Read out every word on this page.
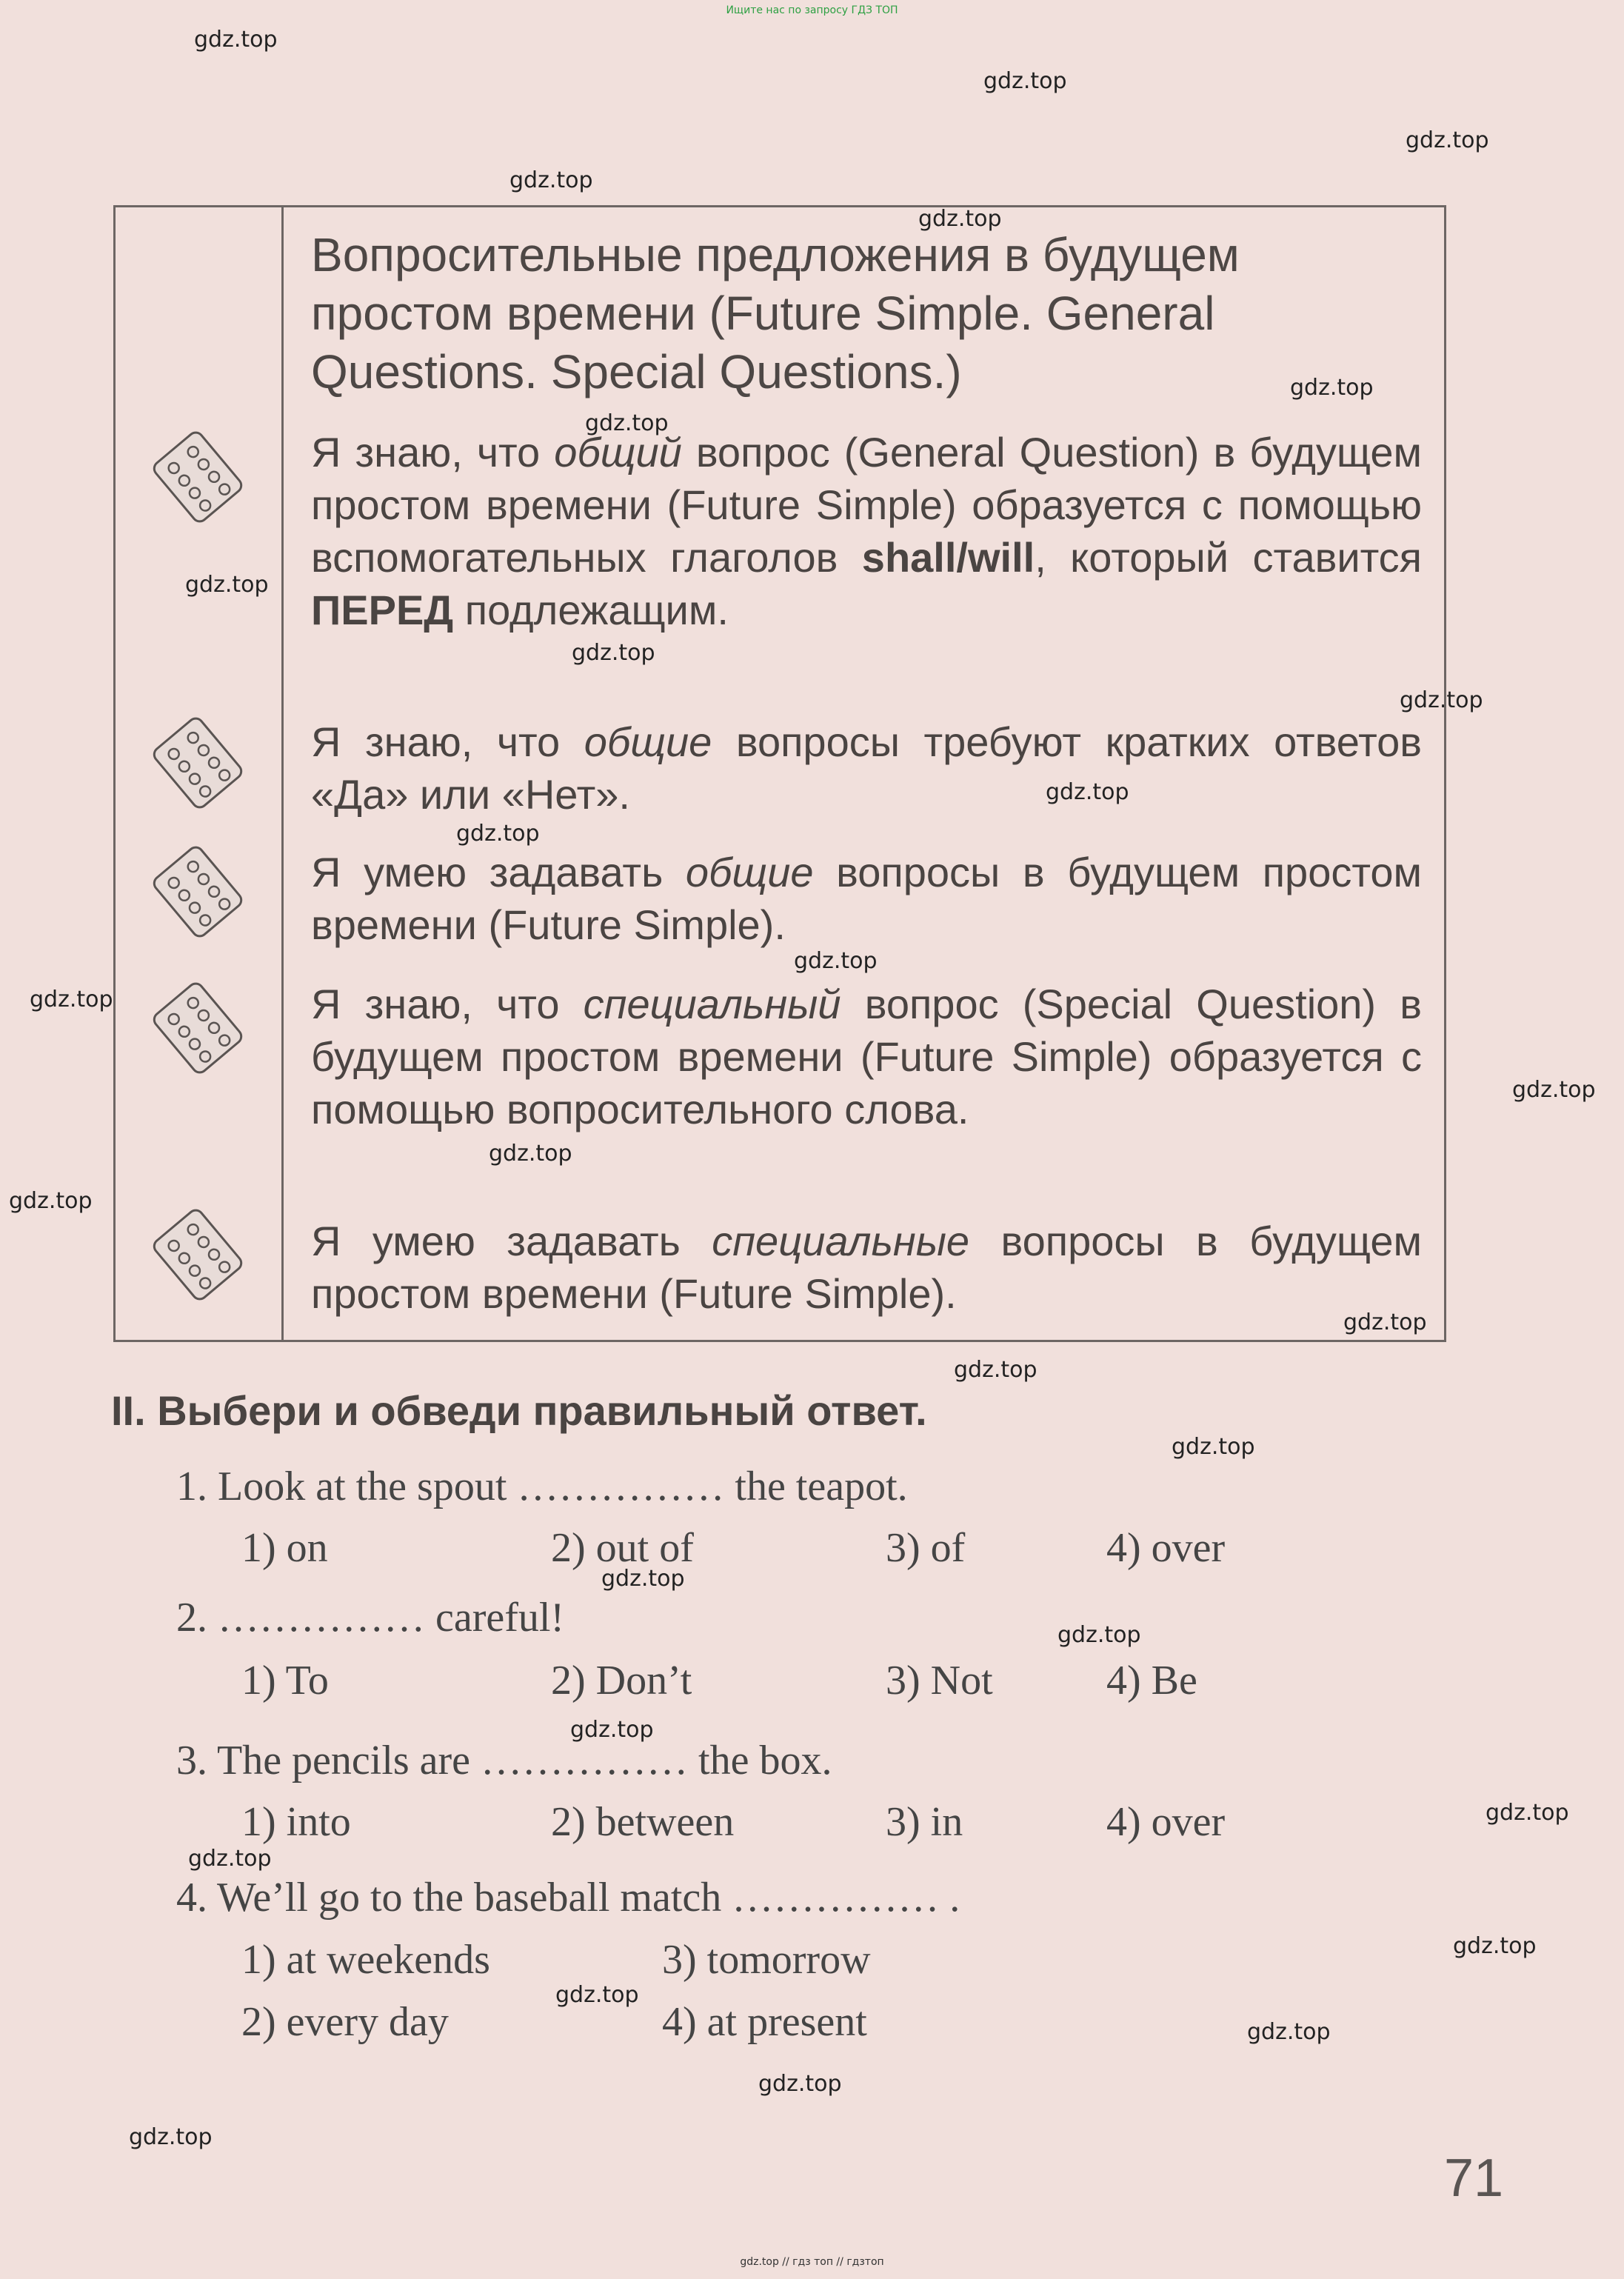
Ищите нас по запросу ГДЗ ТОП
gdz.top
gdz.top
gdz.top
gdz.top
gdz.top
gdz.top
gdz.top
gdz.top
gdz.top
gdz.top
gdz.top
gdz.top
gdz.top
gdz.top
gdz.top
gdz.top
gdz.top
gdz.top
gdz.top
gdz.top
gdz.top
gdz.top
gdz.top
gdz.top
gdz.top
gdz.top
gdz.top
gdz.top
gdz.top
gdz.top
Вопросительные предложения в будущем простом времени (Future Simple. General Questions. Special Questions.)
Я знаю, что общий вопрос (General Question) в будущем простом времени (Future Simple) образуется с помощью вспомогательных глаголов shall/will, который ставится ПЕРЕД подлежащим.
Я знаю, что общие вопросы требуют кратких ответов «Да» или «Нет».
Я умею задавать общие вопросы в будущем простом времени (Future Simple).
Я знаю, что специальный вопрос (Special Question) в будущем простом времени (Future Simple) образуется с помощью вопросительного слова.
Я умею задавать специальные вопросы в будущем простом времени (Future Simple).
II. Выбери и обведи правильный ответ.
1. Look at the spout …………… the teapot.
1) on	2) out of	3) of	4) over
2. …………… careful!
1) To	2) Don’t	3) Not	4) Be
3. The pencils are …………… the box.
1) into	2) between	3) in	4) over
4. We’ll go to the baseball match …………… .
1) at weekends	3) tomorrow
2) every day	4) at present
71
gdz.top // гдз топ // гдзтоп
